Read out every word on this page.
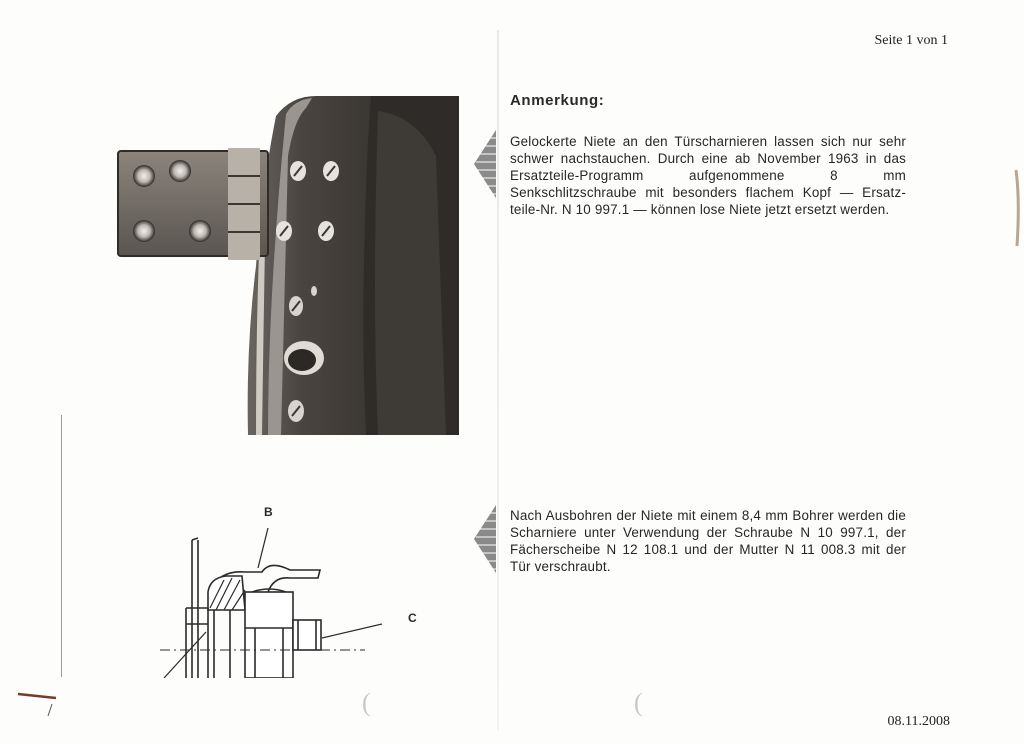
Seite 1 von 1
B
C
Anmerkung:
Gelockerte Niete an den Türscharnieren lassen sich nur sehr schwer nachstauchen. Durch eine ab November 1963 in das Ersatzteile-Programm aufgenommene 8 mm Senkschlitzschraube mit besonders flachem Kopf — Ersatz-teile-Nr. N 10 997.1 — können lose Niete jetzt ersetzt werden.
Nach Ausbohren der Niete mit einem 8,4 mm Bohrer werden die Scharniere unter Verwendung der Schraube N 10 997.1, der Fächerscheibe N 12 108.1 und der Mutter N 11 008.3 mit der Tür verschraubt.
(	(
08.11.2008
